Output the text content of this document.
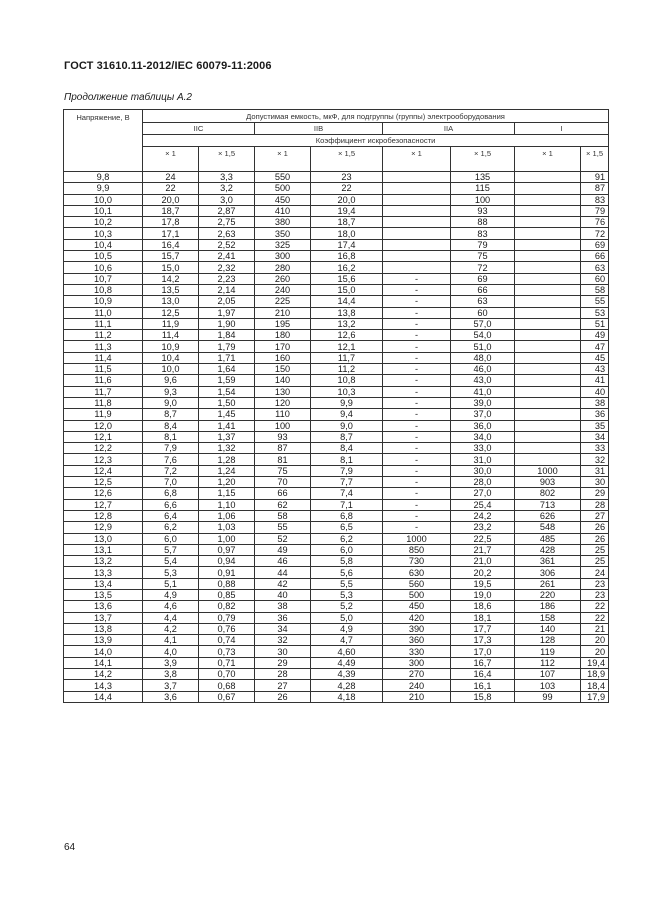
ГОСТ 31610.11-2012/IEC 60079-11:2006
Продолжение таблицы А.2
Напряжение, В	Допустимая емкость, мкФ, для подгруппы (группы) электрооборудования							
	IIC		IIB		IIA		I	
	Коэффициент искробезопасности							
	× 1	× 1,5	× 1	× 1,5	× 1	× 1,5	× 1	× 1,5
9,8	24	3,3	550	23		135		91
9,9	22	3,2	500	22		115		87
10,0	20,0	3,0	450	20,0		100		83
10,1	18,7	2,87	410	19,4		93		79
10,2	17,8	2,75	380	18,7		88		76
10,3	17,1	2,63	350	18,0		83		72
10,4	16,4	2,52	325	17,4		79		69
10,5	15,7	2,41	300	16,8		75		66
10,6	15,0	2,32	280	16,2		72		63
10,7	14,2	2,23	260	15,6	-	69		60
10,8	13,5	2,14	240	15,0	-	66		58
10,9	13,0	2,05	225	14,4	-	63		55
11,0	12,5	1,97	210	13,8	-	60		53
11,1	11,9	1,90	195	13,2	-	57,0		51
11,2	11,4	1,84	180	12,6	-	54,0		49
11,3	10,9	1,79	170	12,1	-	51,0		47
11,4	10,4	1,71	160	11,7	-	48,0		45
11,5	10,0	1,64	150	11,2	-	46,0		43
11,6	9,6	1,59	140	10,8	-	43,0		41
11,7	9,3	1,54	130	10,3	-	41,0		40
11,8	9,0	1,50	120	9,9	-	39,0		38
11,9	8,7	1,45	110	9,4	-	37,0		36
12,0	8,4	1,41	100	9,0	-	36,0		35
12,1	8,1	1,37	93	8,7	-	34,0		34
12,2	7,9	1,32	87	8,4	-	33,0		33
12,3	7,6	1,28	81	8,1	-	31,0		32
12,4	7,2	1,24	75	7,9	-	30,0	1000	31
12,5	7,0	1,20	70	7,7	-	28,0	903	30
12,6	6,8	1,15	66	7,4	-	27,0	802	29
12,7	6,6	1,10	62	7,1	-	25,4	713	28
12,8	6,4	1,06	58	6,8	-	24,2	626	27
12,9	6,2	1,03	55	6,5	-	23,2	548	26
13,0	6,0	1,00	52	6,2	1000	22,5	485	26
13,1	5,7	0,97	49	6,0	850	21,7	428	25
13,2	5,4	0,94	46	5,8	730	21,0	361	25
13,3	5,3	0,91	44	5,6	630	20,2	306	24
13,4	5,1	0,88	42	5,5	560	19,5	261	23
13,5	4,9	0,85	40	5,3	500	19,0	220	23
13,6	4,6	0,82	38	5,2	450	18,6	186	22
13,7	4,4	0,79	36	5,0	420	18,1	158	22
13,8	4,2	0,76	34	4,9	390	17,7	140	21
13,9	4,1	0,74	32	4,7	360	17,3	128	20
14,0	4,0	0,73	30	4,60	330	17,0	119	20
14,1	3,9	0,71	29	4,49	300	16,7	112	19,4
14,2	3,8	0,70	28	4,39	270	16,4	107	18,9
14,3	3,7	0,68	27	4,28	240	16,1	103	18,4
14,4	3,6	0,67	26	4,18	210	15,8	99	17,9
64
